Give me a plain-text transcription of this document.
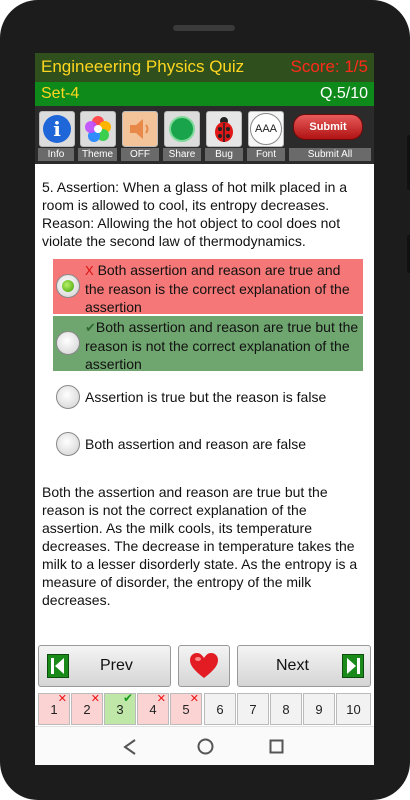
Engineeering Physics Quiz	Score: 1/5
Set-4	Q.5/10
i
Info	Theme	OFF	Share	Bug
AAA
Font
Submit
Submit All
5. Assertion: When a glass of hot milk placed in a room is allowed to cool, its entropy decreases. Reason: Allowing the hot object to cool does not violate the second law of thermodynamics.
X Both assertion and reason are true and the reason is the correct explanation of the assertion
✔Both assertion and reason are true but the reason is not the correct explanation of the assertion
Assertion is true but the reason is false
Both assertion and reason are false
Both the assertion and reason are true but the reason is not the correct explanation of the assertion. As the milk cools, its temperature decreases. The decrease in temperature takes the milk to a lesser disorderly state. As the entropy is a measure of disorder, the entropy of the milk decreases.
Prev	Next
1
✕
2
✕
3
✔
4
✕
5
✕
6 7 8 9 10
